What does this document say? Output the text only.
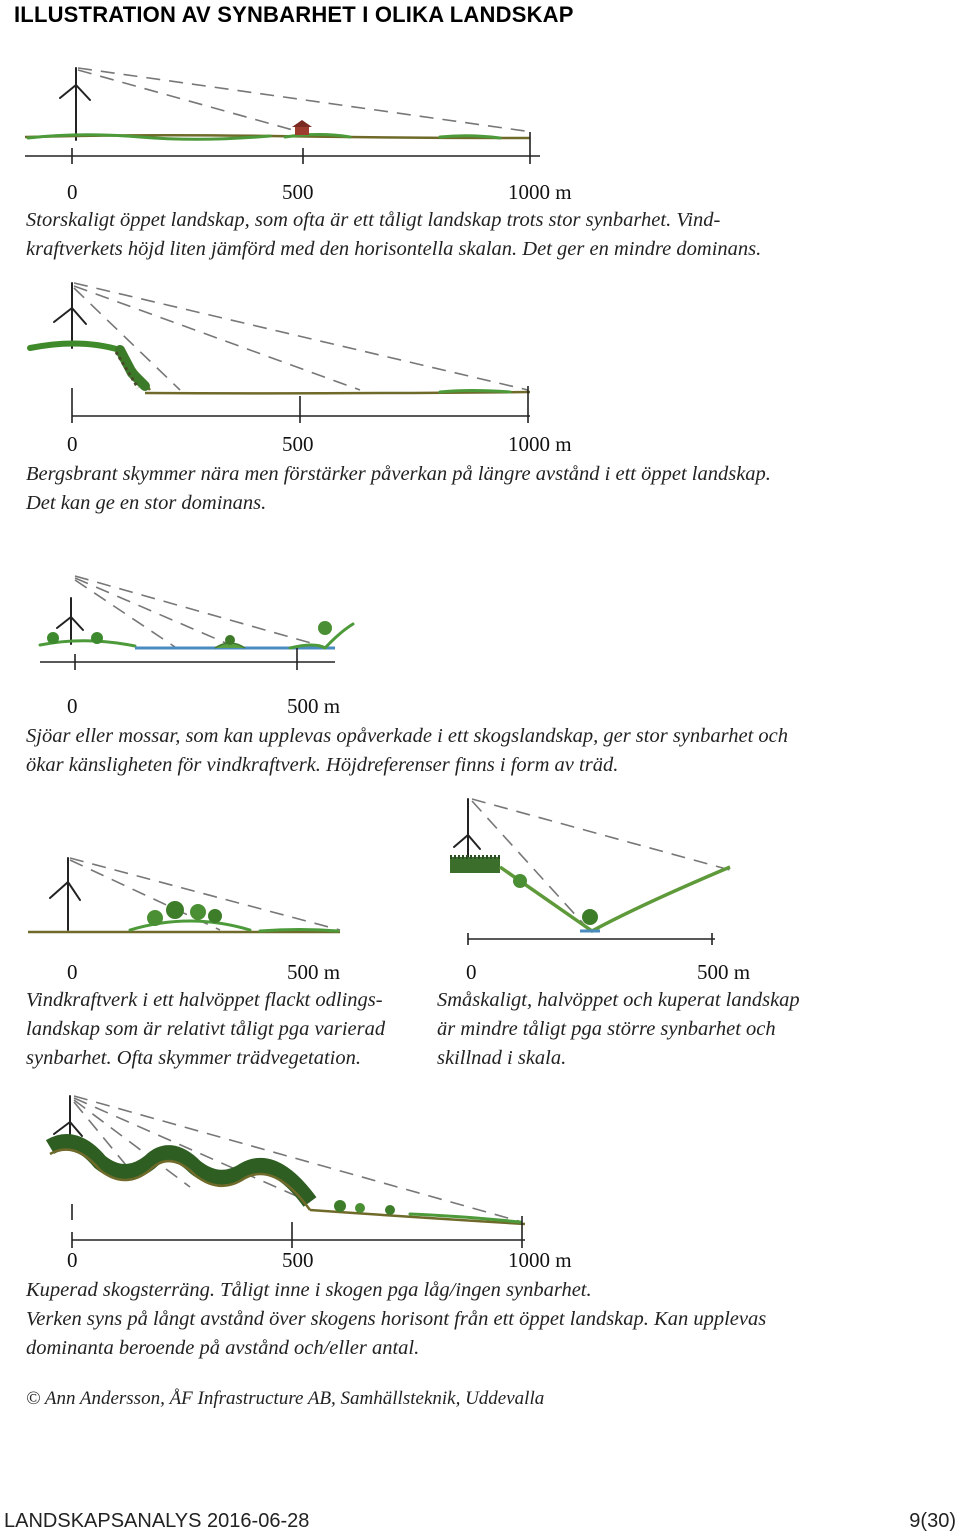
ILLUSTRATION AV SYNBARHET I OLIKA LANDSKAP
0	500	1000 m
Storskaligt öppet landskap, som ofta är ett tåligt landskap trots stor synbarhet. Vind-
kraftverkets höjd liten jämförd med den horisontella skalan. Det ger en mindre dominans.
0	500	1000 m
Bergsbrant skymmer nära men förstärker påverkan på längre avstånd i ett öppet landskap.
Det kan ge en stor dominans.
0	500 m
Sjöar eller mossar, som kan upplevas opåverkade i ett skogslandskap, ger stor synbarhet och
ökar känsligheten för vindkraftverk. Höjdreferenser finns i form av träd.
0	500 m
Vindkraftverk i ett halvöppet flackt odlings-
landskap som är relativt tåligt pga varierad
synbarhet. Ofta skymmer trädvegetation.
0	500 m
Småskaligt, halvöppet och kuperat landskap
är mindre tåligt pga större synbarhet och
skillnad i skala.
0	500	1000 m
Kuperad skogsterräng. Tåligt inne i skogen pga låg/ingen synbarhet.
Verken syns på långt avstånd över skogens horisont från ett öppet landskap. Kan upplevas
dominanta beroende på avstånd och/eller antal.
© Ann Andersson, ÅF Infrastructure AB, Samhällsteknik, Uddevalla
LANDSKAPSANALYS 2016-06-28	9(30)
